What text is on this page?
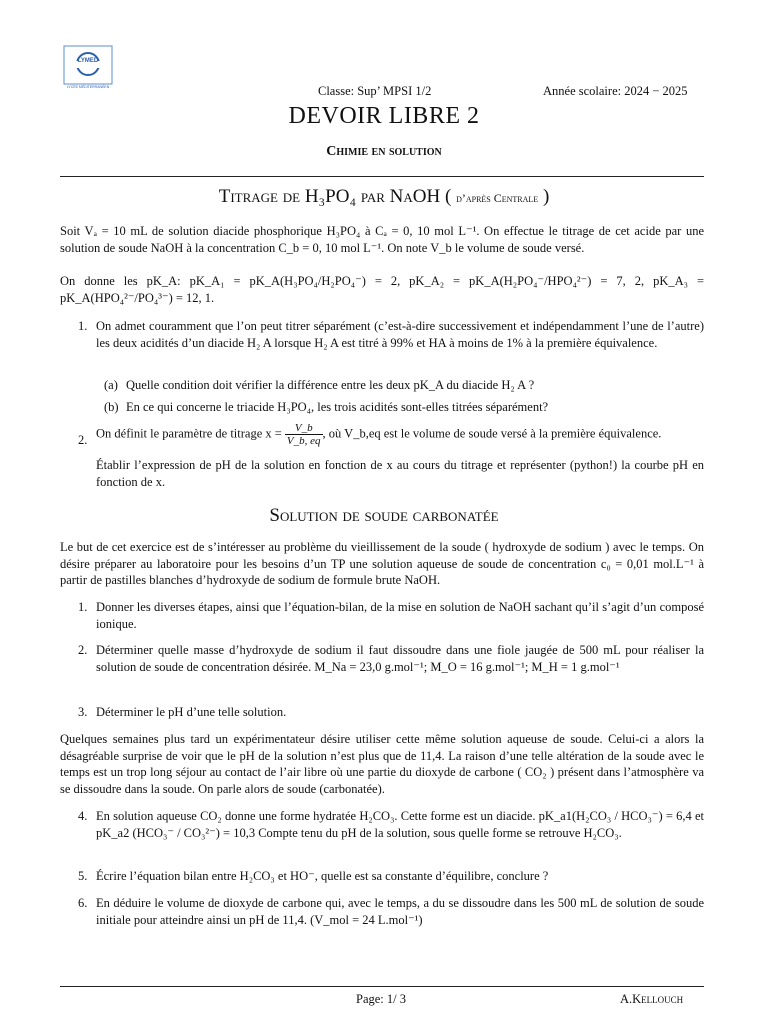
LYMED
LYCÉE MÉDITERRANÉEN	Classe: Sup’ MPSI 1/2	Année scolaire: 2024 − 2025
DEVOIR LIBRE 2
Chimie en solution
Titrage de H₃PO₄ par NaOH ( d’après Centrale )
Soit Vₐ = 10 mL de solution diacide phosphorique H₃PO₄ à Cₐ = 0, 10 mol L⁻¹. On effectue le titrage de cet acide par une solution de soude NaOH à la concentration C_b = 0, 10 mol L⁻¹. On note V_b le volume de soude versé.
On donne les pK_A: pK_A₁ = pK_A(H₃PO₄/H₂PO₄⁻) = 2, pK_A₂ = pK_A(H₂PO₄⁻/HPO₄²⁻) = 7, 2, pK_A₃ = pK_A(HPO₄²⁻/PO₄³⁻) = 12, 1.
1. On admet couramment que l’on peut titrer séparément (c’est-à-dire successivement et indépendamment l’une de l’autre) les deux acidités d’un diacide H₂ A lorsque H₂ A est titré à 99% et HA à moins de 1% à la première équivalence.
(a) Quelle condition doit vérifier la différence entre les deux pK_A du diacide H₂ A ?
(b) En ce qui concerne le triacide H₃PO₄, les trois acidités sont-elles titrées séparément?
2. On définit le paramètre de titrage $x = \frac{V\_b}{V\_b, eq}$ , où V_b,eq est le volume de soude versé à la première équivalence.
Établir l’expression de pH de la solution en fonction de x au cours du titrage et représenter (python!) la courbe pH en fonction de x.
Solution de soude carbonatée
Le but de cet exercice est de s’intéresser au problème du vieillissement de la soude ( hydroxyde de sodium ) avec le temps. On désire préparer au laboratoire pour les besoins d’un TP une solution aqueuse de soude de concentration c₀ = 0,01 mol.L⁻¹ à partir de pastilles blanches d’hydroxyde de sodium de formule brute NaOH.
1. Donner les diverses étapes, ainsi que l’équation-bilan, de la mise en solution de NaOH sachant qu’il s’agit d’un composé ionique.
2. Déterminer quelle masse d’hydroxyde de sodium il faut dissoudre dans une fiole jaugée de 500 mL pour réaliser la solution de soude de concentration désirée. M_Na = 23,0 g.mol⁻¹; M_O = 16 g.mol⁻¹; M_H = 1 g.mol⁻¹
3. Déterminer le pH d’une telle solution.
Quelques semaines plus tard un expérimentateur désire utiliser cette même solution aqueuse de soude. Celui-ci a alors la désagréable surprise de voir que le pH de la solution n’est plus que de 11,4. La raison d’une telle altération de la soude avec le temps est un trop long séjour au contact de l’air libre où une partie du dioxyde de carbone ( CO₂ ) présent dans l’atmosphère va se dissoudre dans la soude. On parle alors de soude (carbonatée).
4. En solution aqueuse CO₂ donne une forme hydratée H₂CO₃. Cette forme est un diacide. pK_a1(H₂CO₃ / HCO₃⁻) = 6,4 et pK_a2 (HCO₃⁻ / CO₃²⁻) = 10,3 Compte tenu du pH de la solution, sous quelle forme se retrouve H₂CO₃.
5. Écrire l’équation bilan entre H₂CO₃ et HO⁻, quelle est sa constante d’équilibre, conclure ?
6. En déduire le volume de dioxyde de carbone qui, avec le temps, a du se dissoudre dans les 500 mL de solution de soude initiale pour atteindre ainsi un pH de 11,4. (V_mol = 24 L.mol⁻¹)
Page: 1/ 3	A.Kellouch
